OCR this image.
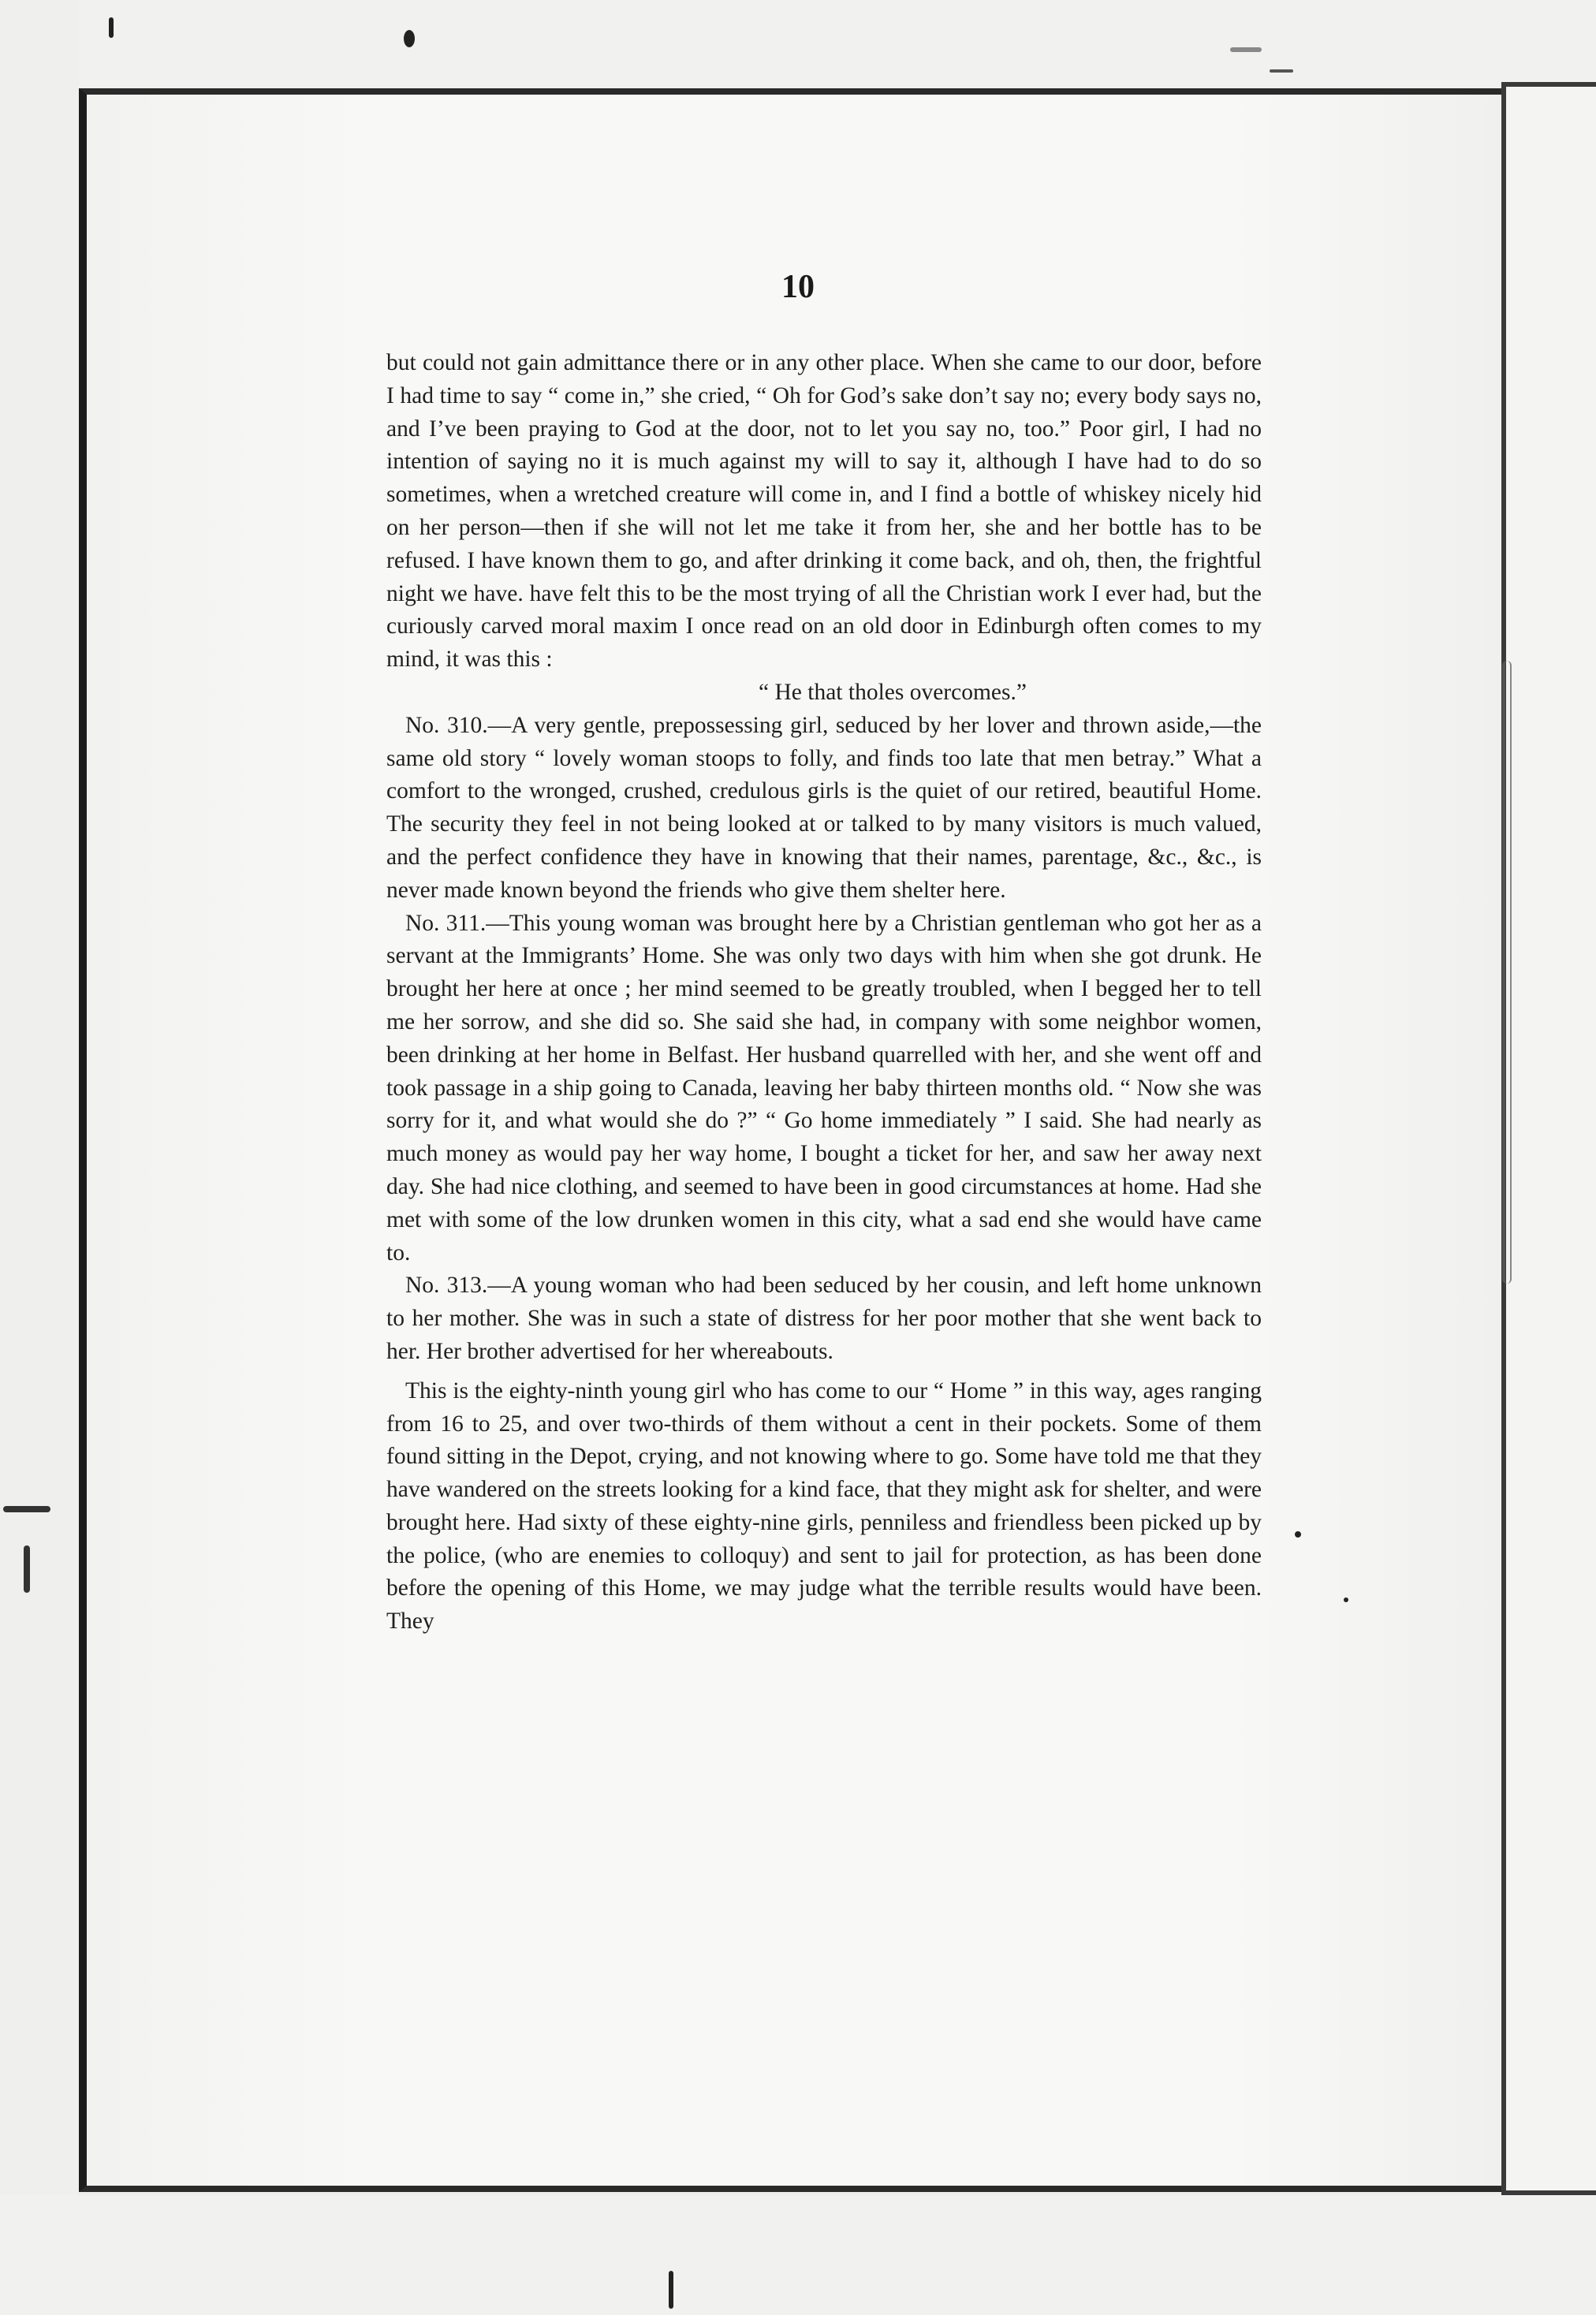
10

but could not gain admittance there or in any other place. When she came to our door, before I had time to say “ come in,” she cried, “ Oh for God’s sake don’t say no; every body says no, and I’ve been praying to God at the door, not to let you say no, too.” Poor girl, I had no intention of saying no it is much against my will to say it, although I have had to do so sometimes, when a wretched creature will come in, and I find a bottle of whiskey nicely hid on her person—then if she will not let me take it from her, she and her bottle has to be refused. I have known them to go, and after drinking it come back, and oh, then, the frightful night we have. have felt this to be the most trying of all the Christian work I ever had, but the curiously carved moral maxim I once read on an old door in Edinburgh often comes to my mind, it was this :

“ He that tholes overcomes.”

No. 310.—A very gentle, prepossessing girl, seduced by her lover and thrown aside,—the same old story “ lovely woman stoops to folly, and finds too late that men betray.” What a comfort to the wronged, crushed, credulous girls is the quiet of our retired, beautiful Home. The security they feel in not being looked at or talked to by many visitors is much valued, and the perfect confidence they have in knowing that their names, parentage, &c., &c., is never made known beyond the friends who give them shelter here.

No. 311.—This young woman was brought here by a Christian gentleman who got her as a servant at the Immigrants’ Home. She was only two days with him when she got drunk. He brought her here at once ; her mind seemed to be greatly troubled, when I begged her to tell me her sorrow, and she did so. She said she had, in company with some neighbor women, been drinking at her home in Belfast. Her husband quarrelled with her, and she went off and took passage in a ship going to Canada, leaving her baby thirteen months old. “ Now she was sorry for it, and what would she do ?” “ Go home immediately ” I said. She had nearly as much money as would pay her way home, I bought a ticket for her, and saw her away next day. She had nice clothing, and seemed to have been in good circumstances at home. Had she met with some of the low drunken women in this city, what a sad end she would have came to.

No. 313.—A young woman who had been seduced by her cousin, and left home unknown to her mother. She was in such a state of distress for her poor mother that she went back to her. Her brother advertised for her whereabouts.

This is the eighty-ninth young girl who has come to our “ Home ” in this way, ages ranging from 16 to 25, and over two-thirds of them without a cent in their pockets. Some of them found sitting in the Depot, crying, and not knowing where to go. Some have told me that they have wandered on the streets looking for a kind face, that they might ask for shelter, and were brought here. Had sixty of these eighty-nine girls, penniless and friendless been picked up by the police, (who are enemies to colloquy) and sent to jail for protection, as has been done before the opening of this Home, we may judge what the terrible results would have been. They
